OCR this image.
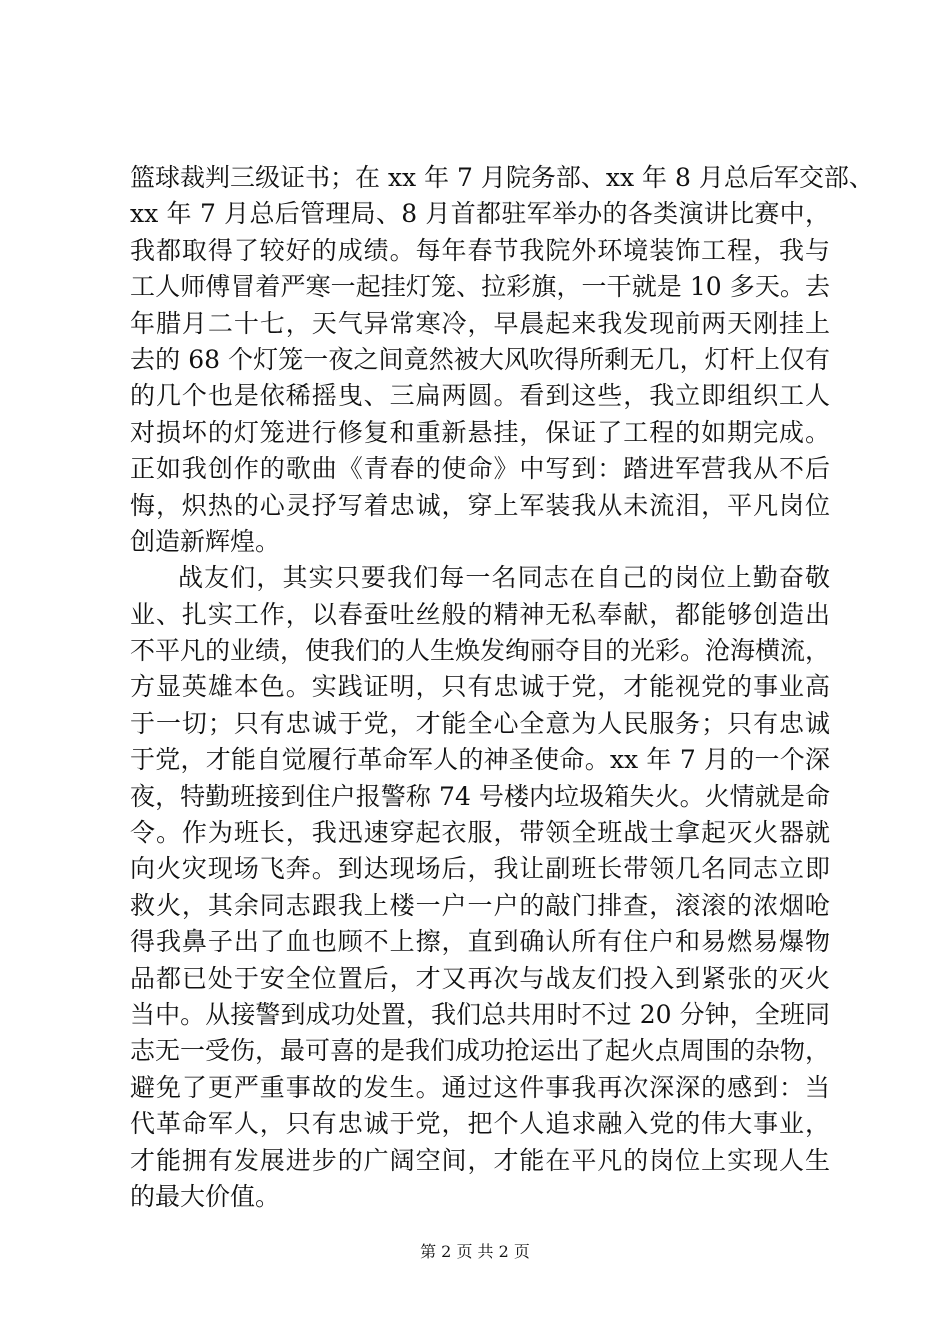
篮球裁判三级证书；在 xx 年 7 月院务部、xx 年 8 月总后军交部、
xx 年 7 月总后管理局、8 月首都驻军举办的各类演讲比赛中，
我都取得了较好的成绩。每年春节我院外环境装饰工程，我与
工人师傅冒着严寒一起挂灯笼、拉彩旗，一干就是 10 多天。去
年腊月二十七，天气异常寒冷，早晨起来我发现前两天刚挂上
去的 68 个灯笼一夜之间竟然被大风吹得所剩无几，灯杆上仅有
的几个也是依稀摇曳、三扁两圆。看到这些，我立即组织工人
对损坏的灯笼进行修复和重新悬挂，保证了工程的如期完成。
正如我创作的歌曲《青春的使命》中写到：踏进军营我从不后
悔，炽热的心灵抒写着忠诚，穿上军装我从未流泪，平凡岗位
创造新辉煌。
战友们，其实只要我们每一名同志在自己的岗位上勤奋敬
业、扎实工作，以春蚕吐丝般的精神无私奉献，都能够创造出
不平凡的业绩，使我们的人生焕发绚丽夺目的光彩。沧海横流，
方显英雄本色。实践证明，只有忠诚于党，才能视党的事业高
于一切；只有忠诚于党，才能全心全意为人民服务；只有忠诚
于党，才能自觉履行革命军人的神圣使命。xx 年 7 月的一个深
夜，特勤班接到住户报警称 74 号楼内垃圾箱失火。火情就是命
令。作为班长，我迅速穿起衣服，带领全班战士拿起灭火器就
向火灾现场飞奔。到达现场后，我让副班长带领几名同志立即
救火，其余同志跟我上楼一户一户的敲门排查，滚滚的浓烟呛
得我鼻子出了血也顾不上擦，直到确认所有住户和易燃易爆物
品都已处于安全位置后，才又再次与战友们投入到紧张的灭火
当中。从接警到成功处置，我们总共用时不过 20 分钟，全班同
志无一受伤，最可喜的是我们成功抢运出了起火点周围的杂物，
避免了更严重事故的发生。通过这件事我再次深深的感到：当
代革命军人，只有忠诚于党，把个人追求融入党的伟大事业，
才能拥有发展进步的广阔空间，才能在平凡的岗位上实现人生
的最大价值。
第 2 页 共 2 页
